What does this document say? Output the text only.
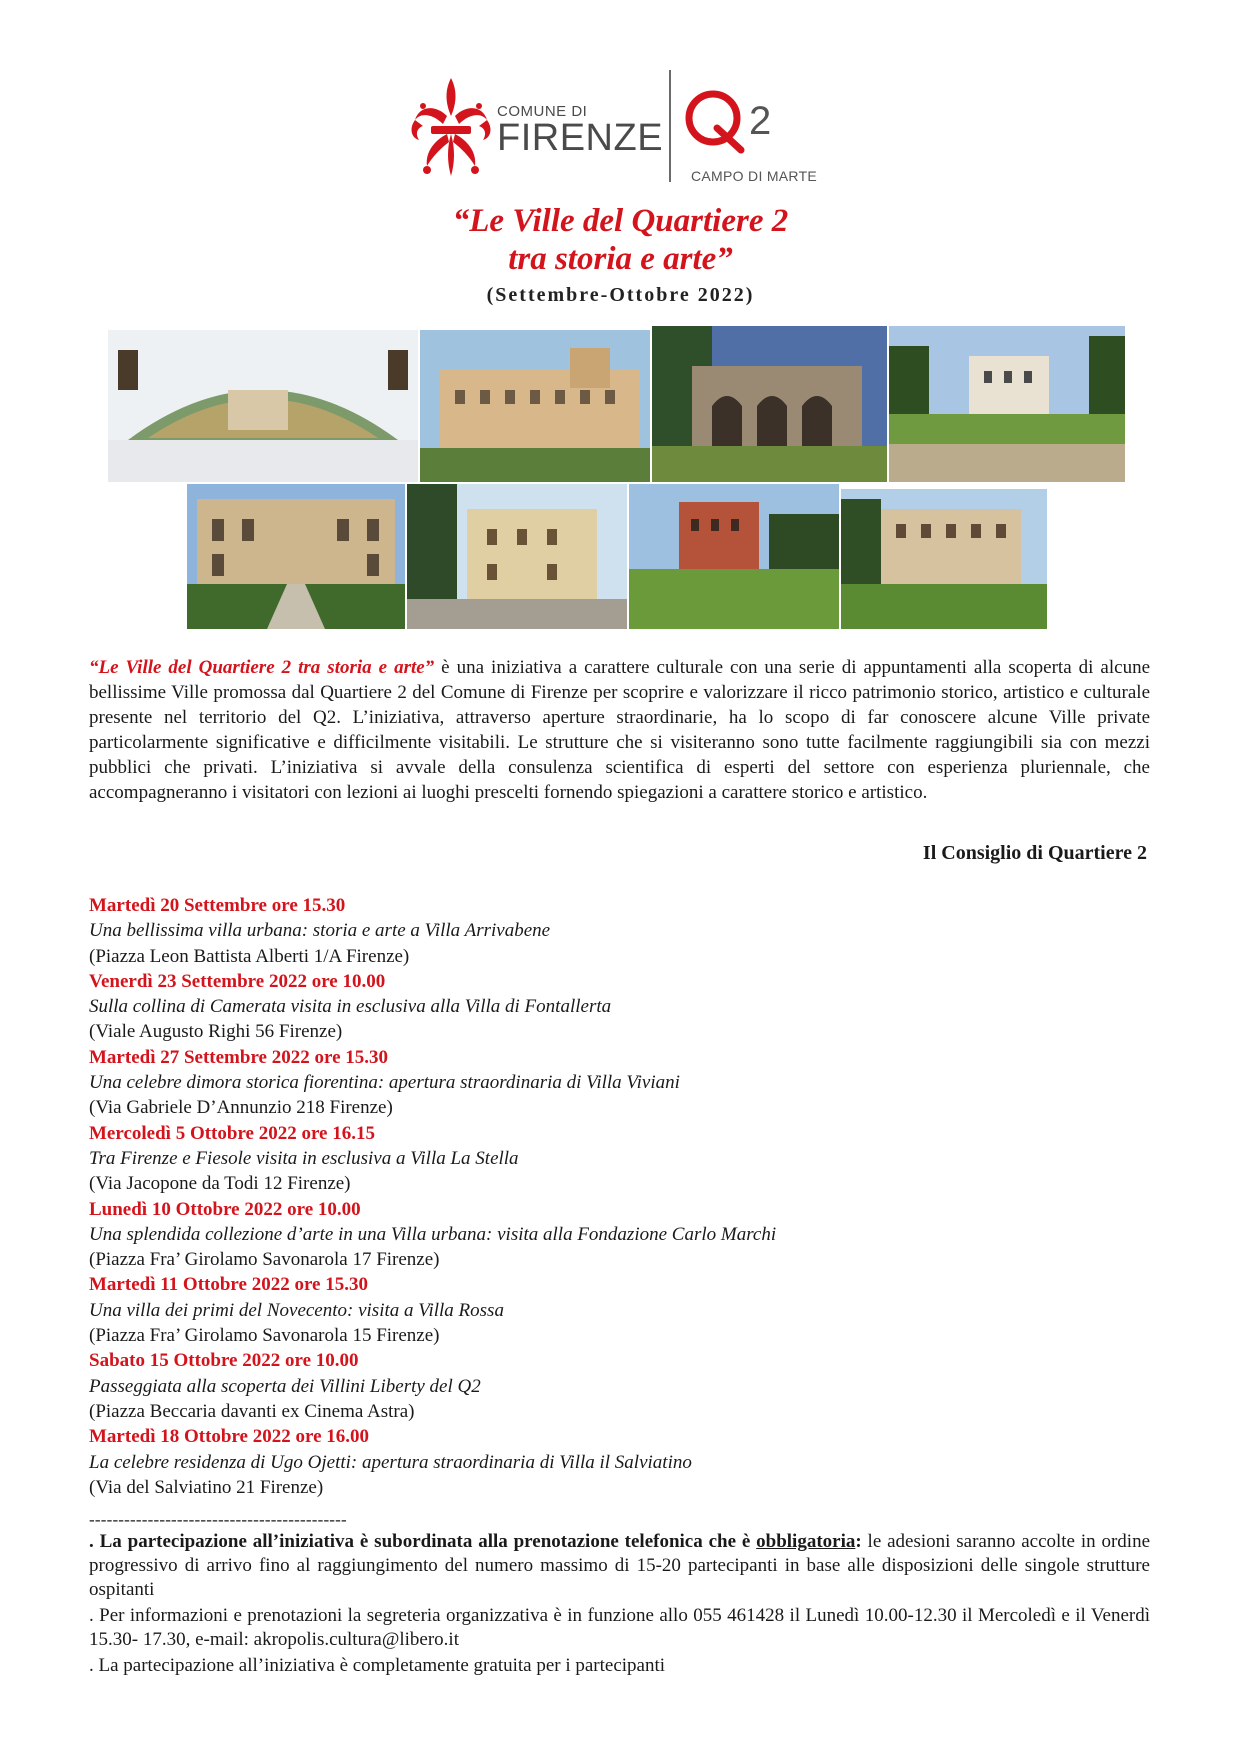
COMUNE DI
FIRENZE 2
CAMPO DI MARTE
“Le Ville del Quartiere 2
tra storia e arte”
(Settembre-Ottobre 2022)
“Le Ville del Quartiere 2 tra storia e arte” è una iniziativa a carattere culturale con una serie di appuntamenti alla scoperta di alcune bellissime Ville promossa dal Quartiere 2 del Comune di Firenze per scoprire e valorizzare il ricco patrimonio storico, artistico e culturale presente nel territorio del Q2. L’iniziativa, attraverso aperture straordinarie, ha lo scopo di far conoscere alcune Ville private particolarmente significative e difficilmente visitabili. Le strutture che si visiteranno sono tutte facilmente raggiungibili sia con mezzi pubblici che privati. L’iniziativa si avvale della consulenza scientifica di esperti del settore con esperienza pluriennale, che accompagneranno i visitatori con lezioni ai luoghi prescelti fornendo spiegazioni a carattere storico e artistico.
Il Consiglio di Quartiere 2
Martedì 20 Settembre ore 15.30
Una bellissima villa urbana: storia e arte a Villa Arrivabene
(Piazza Leon Battista Alberti 1/A Firenze)
Venerdì 23 Settembre 2022 ore 10.00
Sulla collina di Camerata visita in esclusiva alla Villa di Fontallerta
(Viale Augusto Righi 56 Firenze)
Martedì 27 Settembre 2022 ore 15.30
Una celebre dimora storica fiorentina: apertura straordinaria di Villa Viviani
(Via Gabriele D’Annunzio 218 Firenze)
Mercoledì 5 Ottobre 2022 ore 16.15
Tra Firenze e Fiesole visita in esclusiva a Villa La Stella
(Via Jacopone da Todi 12 Firenze)
Lunedì 10 Ottobre 2022 ore 10.00
Una splendida collezione d’arte in una Villa urbana: visita alla Fondazione Carlo Marchi
(Piazza Fra’ Girolamo Savonarola 17 Firenze)
Martedì 11 Ottobre 2022 ore 15.30
Una villa dei primi del Novecento: visita a Villa Rossa
(Piazza Fra’ Girolamo Savonarola 15 Firenze)
Sabato 15 Ottobre 2022 ore 10.00
Passeggiata alla scoperta dei Villini Liberty del Q2
(Piazza Beccaria davanti ex Cinema Astra)
Martedì 18 Ottobre 2022 ore 16.00
La celebre residenza di Ugo Ojetti: apertura straordinaria di Villa il Salviatino
(Via del Salviatino 21 Firenze)
--------------------------------------------

. La partecipazione all’iniziativa è subordinata alla prenotazione telefonica che è obbligatoria: le adesioni saranno accolte in ordine progressivo di arrivo fino al raggiungimento del numero massimo di 15-20 partecipanti in base alle disposizioni delle singole strutture ospitanti

. Per informazioni e prenotazioni la segreteria organizzativa è in funzione allo 055 461428 il Lunedì 10.00-12.30 il Mercoledì e il Venerdì 15.30- 17.30, e-mail: akropolis.cultura@libero.it

. La partecipazione all’iniziativa è completamente gratuita per i partecipanti
